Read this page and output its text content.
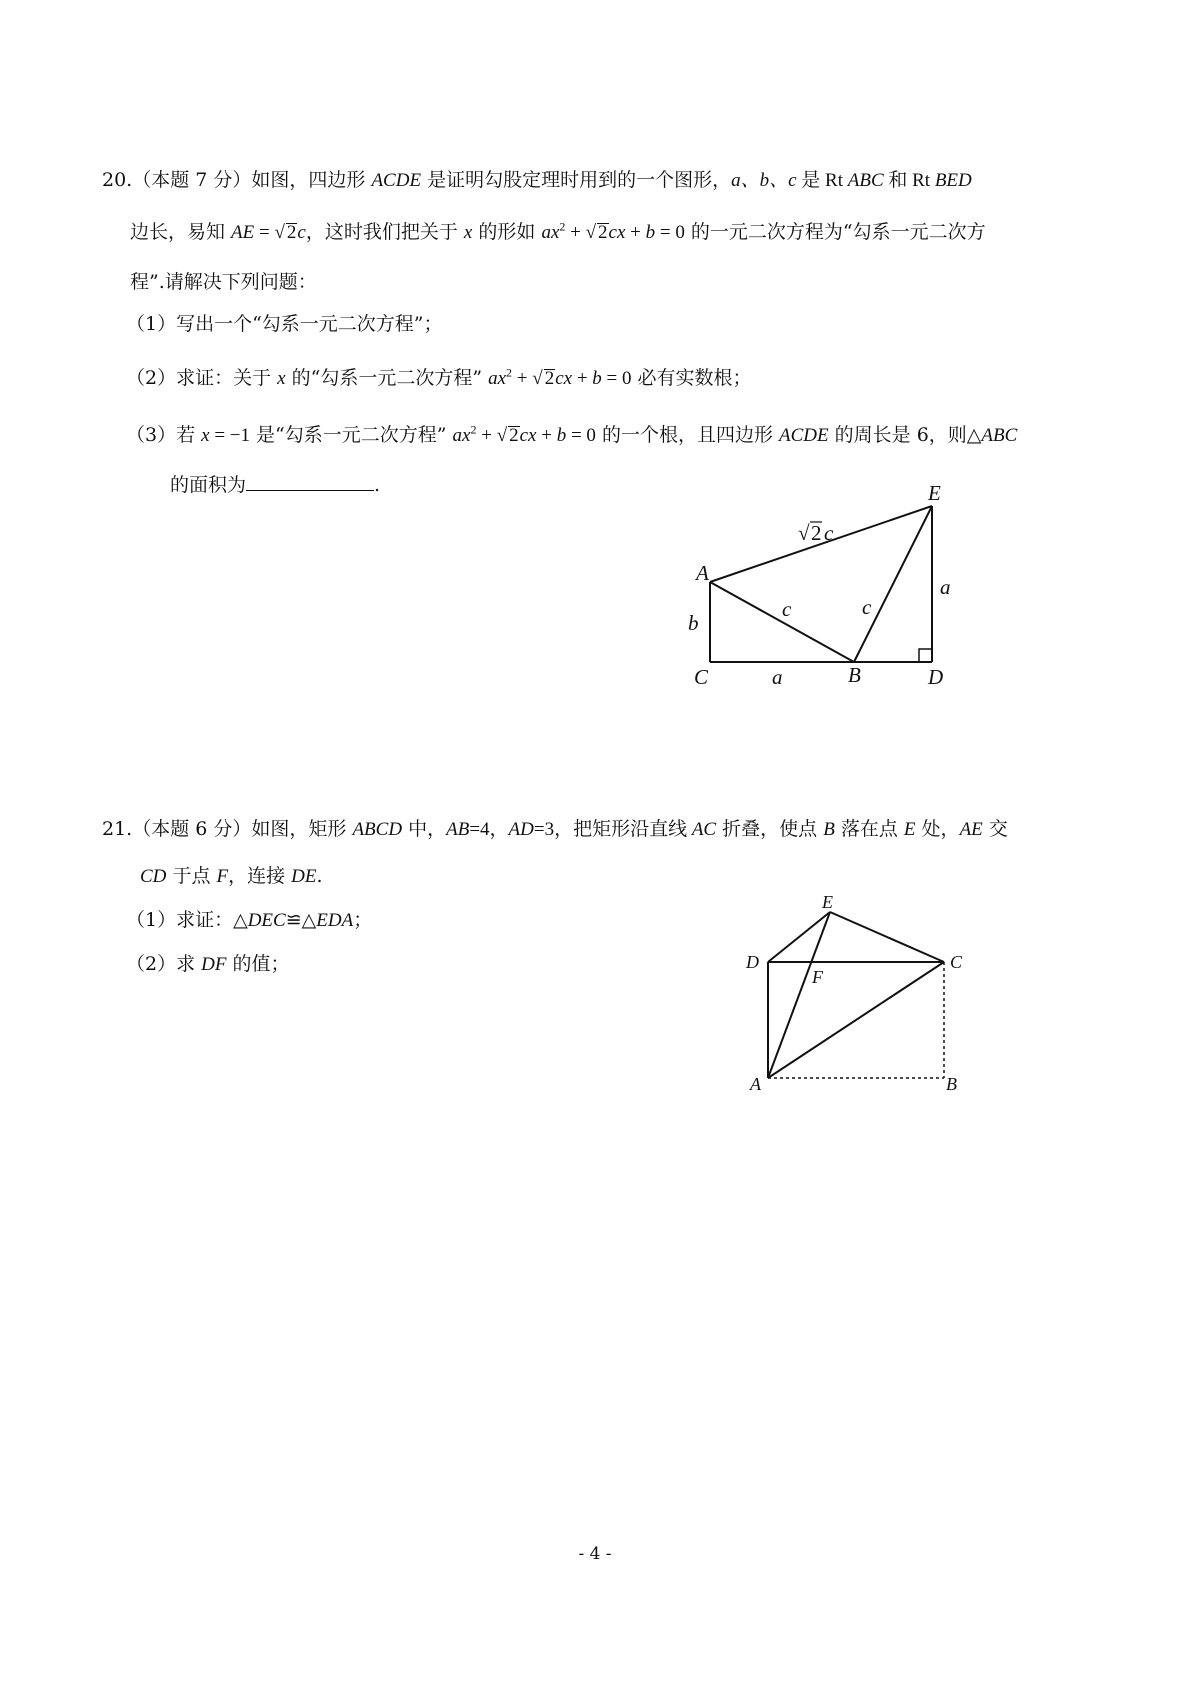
20.（本题 7 分）如图，四边形 ACDE 是证明勾股定理时用到的一个图形，a、b、c 是 Rt ABC 和 Rt BED
边长，易知 AE = √ 2c，这时我们把关于 x 的形如 $ax^2$ + √ 2cx + b = 0 的一元二次方程为“勾系一元二次方
程”.请解决下列问题：
（1）写出一个“勾系一元二次方程”；
（2）求证：关于 x 的“勾系一元二次方程” $ax^2$ + √ 2cx + b = 0 必有实数根；
（3）若 x = −1 是“勾系一元二次方程” $ax^2$ + √ 2cx + b = 0 的一个根，且四边形 ACDE 的周长是 6，则△ABC
的面积为	.	E
A
C	B	D
a
a
b
c	c
√ 2 c
21.（本题 6 分）如图，矩形 ABCD 中，AB=4，AD=3，把矩形沿直线 AC 折叠，使点 B 落在点 E 处，AE 交
CD 于点 F，连接 DE.
（1）求证：△DEC≌△EDA；
（2）求 DF 的值；
E
D	C
F
A	B
- 4 -
